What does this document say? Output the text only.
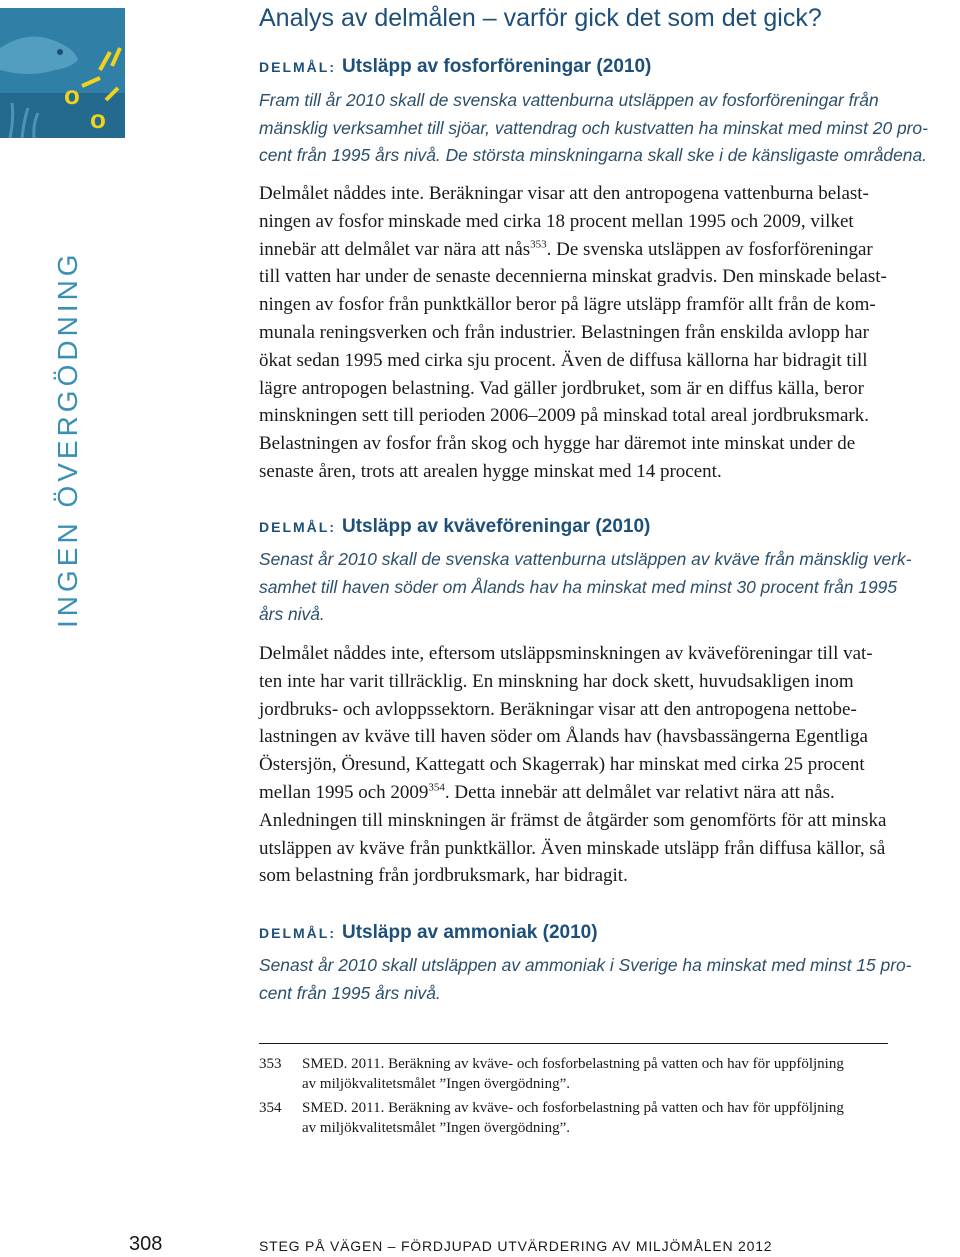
o
o
INGEN ÖVERGÖDNING
Analys av delmålen – varför gick det som det gick?
DELMÅL: Utsläpp av fosforföreningar (2010)
Fram till år 2010 skall de svenska vattenburna utsläppen av fosforföreningar från
mänsklig verksamhet till sjöar, vattendrag och kustvatten ha minskat med minst 20 pro-
cent från 1995 års nivå. De största minskningarna skall ske i de känsligaste områdena.
Delmålet nåddes inte. Beräkningar visar att den antropogena vattenburna belast-
ningen av fosfor minskade med cirka 18 procent mellan 1995 och 2009, vilket
innebär att delmålet var nära att nås$^{353}$. De svenska utsläppen av fosforföreningar
till vatten har under de senaste decennierna minskat gradvis. Den minskade belast-
ningen av fosfor från punktkällor beror på lägre utsläpp framför allt från de kom-
munala reningsverken och från industrier. Belastningen från enskilda avlopp har
ökat sedan 1995 med cirka sju procent. Även de diffusa källorna har bidragit till
lägre antropogen belastning. Vad gäller jordbruket, som är en diffus källa, beror
minskningen sett till perioden 2006–2009 på minskad total areal jordbruksmark.
Belastningen av fosfor från skog och hygge har däremot inte minskat under de
senaste åren, trots att arealen hygge minskat med 14 procent.
DELMÅL: Utsläpp av kväveföreningar (2010)
Senast år 2010 skall de svenska vattenburna utsläppen av kväve från mänsklig verk-
samhet till haven söder om Ålands hav ha minskat med minst 30 procent från 1995
års nivå.
Delmålet nåddes inte, eftersom utsläppsminskningen av kväveföreningar till vat-
ten inte har varit tillräcklig. En minskning har dock skett, huvudsakligen inom
jordbruks- och avloppssektorn. Beräkningar visar att den antropogena nettobe-
lastningen av kväve till haven söder om Ålands hav (havsbassängerna Egentliga
Östersjön, Öresund, Kattegatt och Skagerrak) har minskat med cirka 25 procent
mellan 1995 och 2009$^{354}$. Detta innebär att delmålet var relativt nära att nås.
Anledningen till minskningen är främst de åtgärder som genomförts för att minska
utsläppen av kväve från punktkällor. Även minskade utsläpp från diffusa källor, så
som belastning från jordbruksmark, har bidragit.
DELMÅL: Utsläpp av ammoniak (2010)
Senast år 2010 skall utsläppen av ammoniak i Sverige ha minskat med minst 15 pro-
cent från 1995 års nivå.
353 SMED. 2011. Beräkning av kväve- och fosforbelastning på vatten och hav för uppföljning
av miljökvalitetsmålet ”Ingen övergödning”.
354 SMED. 2011. Beräkning av kväve- och fosforbelastning på vatten och hav för uppföljning
av miljökvalitetsmålet ”Ingen övergödning”.
308	STEG PÅ VÄGEN – FÖRDJUPAD UTVÄRDERING AV MILJÖMÅLEN 2012
